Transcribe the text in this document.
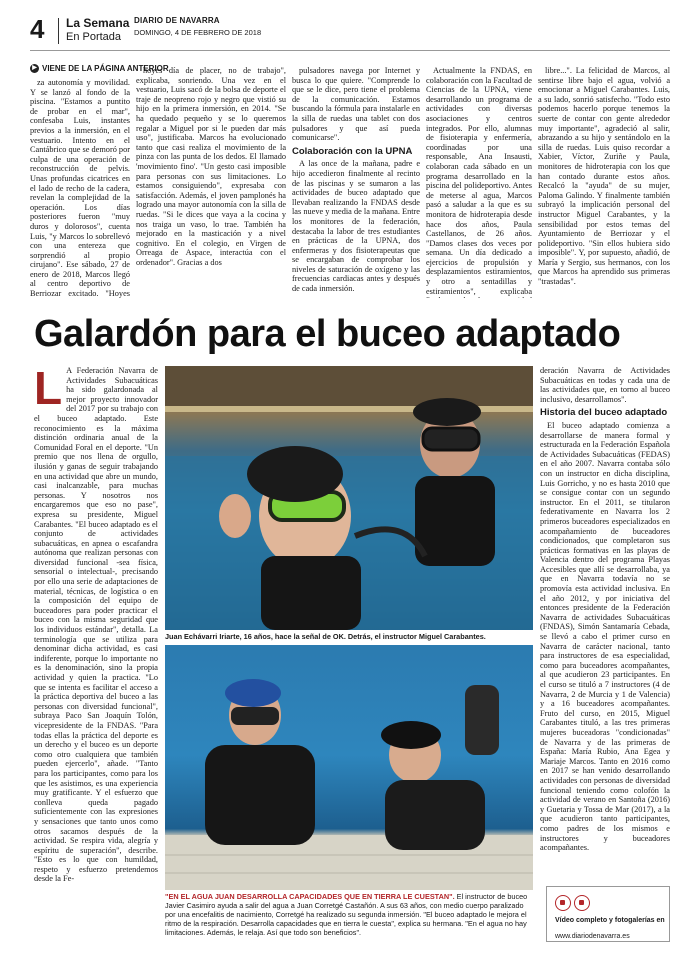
4 La Semana
En Portada
DIARIO DE NAVARRA
DOMINGO, 4 DE FEBRERO DE 2018
▶ VIENE DE LA PÁGINA ANTERIOR

za autonomía y movilidad. Y se lanzó al fondo de la piscina. "Estamos a puntito de probar en el mar", confesaba Luis, instantes previos a la inmersión, en el vestuario. Intento en el Cantábrico que se demoró por culpa de una operación de reconstrucción de pelvis. Unas profundas cicatrices en el lado de recho de la cadera, revelan la complejidad de la operación. Los días posteriores fueron "muy duros y dolorosos", cuenta Luis, "y Marcos lo sobrellevó con una entereza que sorprendió al propio cirujano". Ese sábado, 27 de enero de 2018, Marcos llegó al centro deportivo de Berriozar excitado. "Hoyes

hoyes día de placer, no de trabajo", explicaba, sonriendo. Una vez en el vestuario, Luis sacó de la bolsa de deporte el traje de neopreno rojo y negro que vistió su hijo en la primera inmersión, en 2014. "Se ha quedado pequeño y se lo queremos regalar a Miguel por si le pueden dar más uso", justificaba. Marcos ha evolucionado tanto que casi realiza el movimiento de la pinza con las punta de los dedos. El llamado 'movimiento fino'. "Un gesto casi imposible para personas con sus limitaciones. Lo estamos consiguiendo", expresaba con satisfacción. Además, el joven pamplonés ha logrado una mayor autonomía con la silla de ruedas. "Si le dices que vaya a la cocina y nos traiga un vaso, lo trae. También ha mejorado en la masticación y a nivel cognitivo. En el colegio, en Virgen de Orreaga de Aspace, interactúa con el ordenador". Gracias a dos

pulsadores navega por Internet y busca lo que quiere. "Comprende lo que se le dice, pero tiene el problema de la comunicación. Estamos buscando la fórmula para instalarle en la silla de ruedas una tablet con dos pulsadores y que así pueda comunicarse".

Colaboración con la UPNA

A las once de la mañana, padre e hijo accedieron finalmente al recinto de las piscinas y se sumaron a las actividades de buceo adaptado que llevaban realizando la FNDAS desde las nueve y media de la mañana. Entre los monitores de la federación, destacaba la labor de tres estudiantes en prácticas de la UPNA, dos enfermeras y dos fisioterapeutas que se encargaban de comprobar los niveles de saturación de oxígeno y las frecuencias cardiacas antes y después de cada inmersión.

Actualmente la FNDAS, en colaboración con la Facultad de Ciencias de la UPNA, viene desarrollando un programa de actividades con diversas asociaciones y centros integrados. Por ello, alumnas de fisioterapia y enfermería, coordinadas por una responsable, Ana Insausti, colaboran cada sábado en un programa desarrollado en la piscina del polideportivo. Antes de meterse al agua, Marcos pasó a saludar a la que es su monitora de hidroterapia desde hace dos años, Paula Castellanos, de 26 años. "Damos clases dos veces por semana. Un día dedicado a ejercicios de propulsión y desplazamientos estiramientos, y otro a sentadillas y estiramientos", explicaba

libre...". La felicidad de Marcos, al sentirse libre bajo el agua, volvió a emocionar a Miguel Carabantes. Luis, a su lado, sonrió satisfecho. "Todo esto podemos hacerlo porque tenemos la suerte de contar con gente alrededor muy importante", agradeció al salir, abrazando a su hijo y sentándolo en la silla de ruedas. Luis quiso recordar a Xabier, Víctor, Zuriñe y Paula, monitores de hidroterapia con los que han contado durante estos años. Recalcó la "ayuda" de su mujer, Paloma Galindo. Y finalmente también subrayó la implicación personal del instructor Miguel Carabantes, y la sensibilidad por estos temas del Ayuntamiento de Berriozar y el polideportivo. "Sin ellos hubiera sido imposible". Y, por supuesto, añadió, de María y Sergio, sus hermanos, con los que Marcos ha aprendido sus primeras "trastadas".

Galardón para el buceo adaptado
L A Federación Navarra de Actividades Subacuáticas ha sido galardonada al mejor proyecto innovador del 2017 por su trabajo con el buceo adaptado. Este reconocimiento es la máxima distinción ordinaria anual de la Comunidad Foral en el deporte. "Un premio que nos llena de orgullo, ilusión y ganas de seguir trabajando en una actividad que abre un mundo, casi inalcanzable, para muchas personas. Y nosotros nos encargaremos que eso no pase", expresa su presidente, Miguel Carabantes. "El buceo adaptado es el conjunto de actividades subacuáticas, en apnea o escafandra autónoma que realizan personas con diversidad funcional -sea física, sensorial o intelectual-, precisando por ello una serie de adaptaciones de material, técnicas, de logística o en la composición del equipo de buceadores para poder practicar el buceo con la misma seguridad que los individuos estándar", detalla. La terminología que se utiliza para denominar dicha actividad, es casi indiferente, porque lo importante no es la denominación, sino la propia actividad y quien la practica. "Lo que se intenta es facilitar el acceso a la práctica deportiva del buceo a las personas con diversidad funcional", subraya Paco San Joaquín Tolón, vicepresidente de la FNDAS. "Para todas ellas la práctica del deporte es un derecho y el buceo es un deporte como otro cualquiera que también pueden ejercerlo", añade. "Tanto para los participantes, como para los que les asistimos, es una experiencia muy gratificante. Y el esfuerzo que conlleva queda pagado suficientemente con las expresiones y sensaciones que tanto unos como otros sacamos después de la actividad. Se respira vida, alegría y espíritu de superación", describe. "Esto es lo que con humildad, respeto y esfuerzo pretendemos desde la Fe-
Juan Echávarri Iriarte, 16 años, hace la señal de OK. Detrás, el instructor Miguel Carabantes.
"EN EL AGUA JUAN DESARROLLA CAPACIDADES QUE EN TIERRA LE CUESTAN". El instructor de buceo Javier Casimiro ayuda a salir del agua a Juan Corretgé Castañón. A sus 63 años, con medio cuerpo paralizado por una encefalitis de nacimiento, Corretgé ha realizado su segunda inmersión. "El buceo adaptado le mejora el ritmo de la respiración. Desarrolla capacidades que en tierra le cuesta", explica su hermana. "En el agua no hay limitaciones. Además, le relaja. Así que todo son beneficios".

deración Navarra de Actividades Subacuáticas en todas y cada una de las actividades que, en torno al buceo inclusivo, desarrollamos".

Historia del buceo adaptado

El buceo adaptado comienza a desarrollarse de manera formal y estructurada en la Federación Española de Actividades Subacuáticas (FEDAS) en el año 2007. Navarra contaba sólo con un instructor en dicha disciplina, Luis Gorricho, y no es hasta 2010 que se consigue contar con un segundo instructor. En el 2011, se titularon federativamente en Navarra los 2 primeros buceadores especializados en acompañamiento de buceadores condicionados, que completaron sus prácticas formativas en las playas de Valencia dentro del programa Playas Accesibles que allí se desarrollaba, ya que en Navarra todavía no se promovía esta actividad inclusiva. En el año 2012, y por iniciativa del entonces presidente de la Federación Navarra de actividades Subacuáticas (FNDAS), Simón Santamaría Cebada, se llevó a cabo el primer curso en Navarra de carácter nacional, tanto para instructores de esa especialidad, como para buceadores acompañantes, al que acudieron 23 participantes. En el curso se tituló a 7 instructores (4 de Navarra, 2 de Murcia y 1 de Valencia) y a 16 buceadores acompañantes. Fruto del curso, en 2015, Miguel Carabantes tituló, a las tres primeras mujeres buceadoras "condicionadas" de Navarra y de las primeras de España: María Rubio, Ana Egea y Mariaje Marcos. Tanto en 2016 como en 2017 se han venido desarrollando actividades con personas de diversidad funcional teniendo como colofón la actividad de verano en Santoña (2016) y Guetaria y Tossa de Mar (2017), a la que acudieron tanto participantes, como padres de los mismos e instructores y buceadores acompañantes.

Vídeo completo y fotogalerías en
www.diariodenavarra.es
